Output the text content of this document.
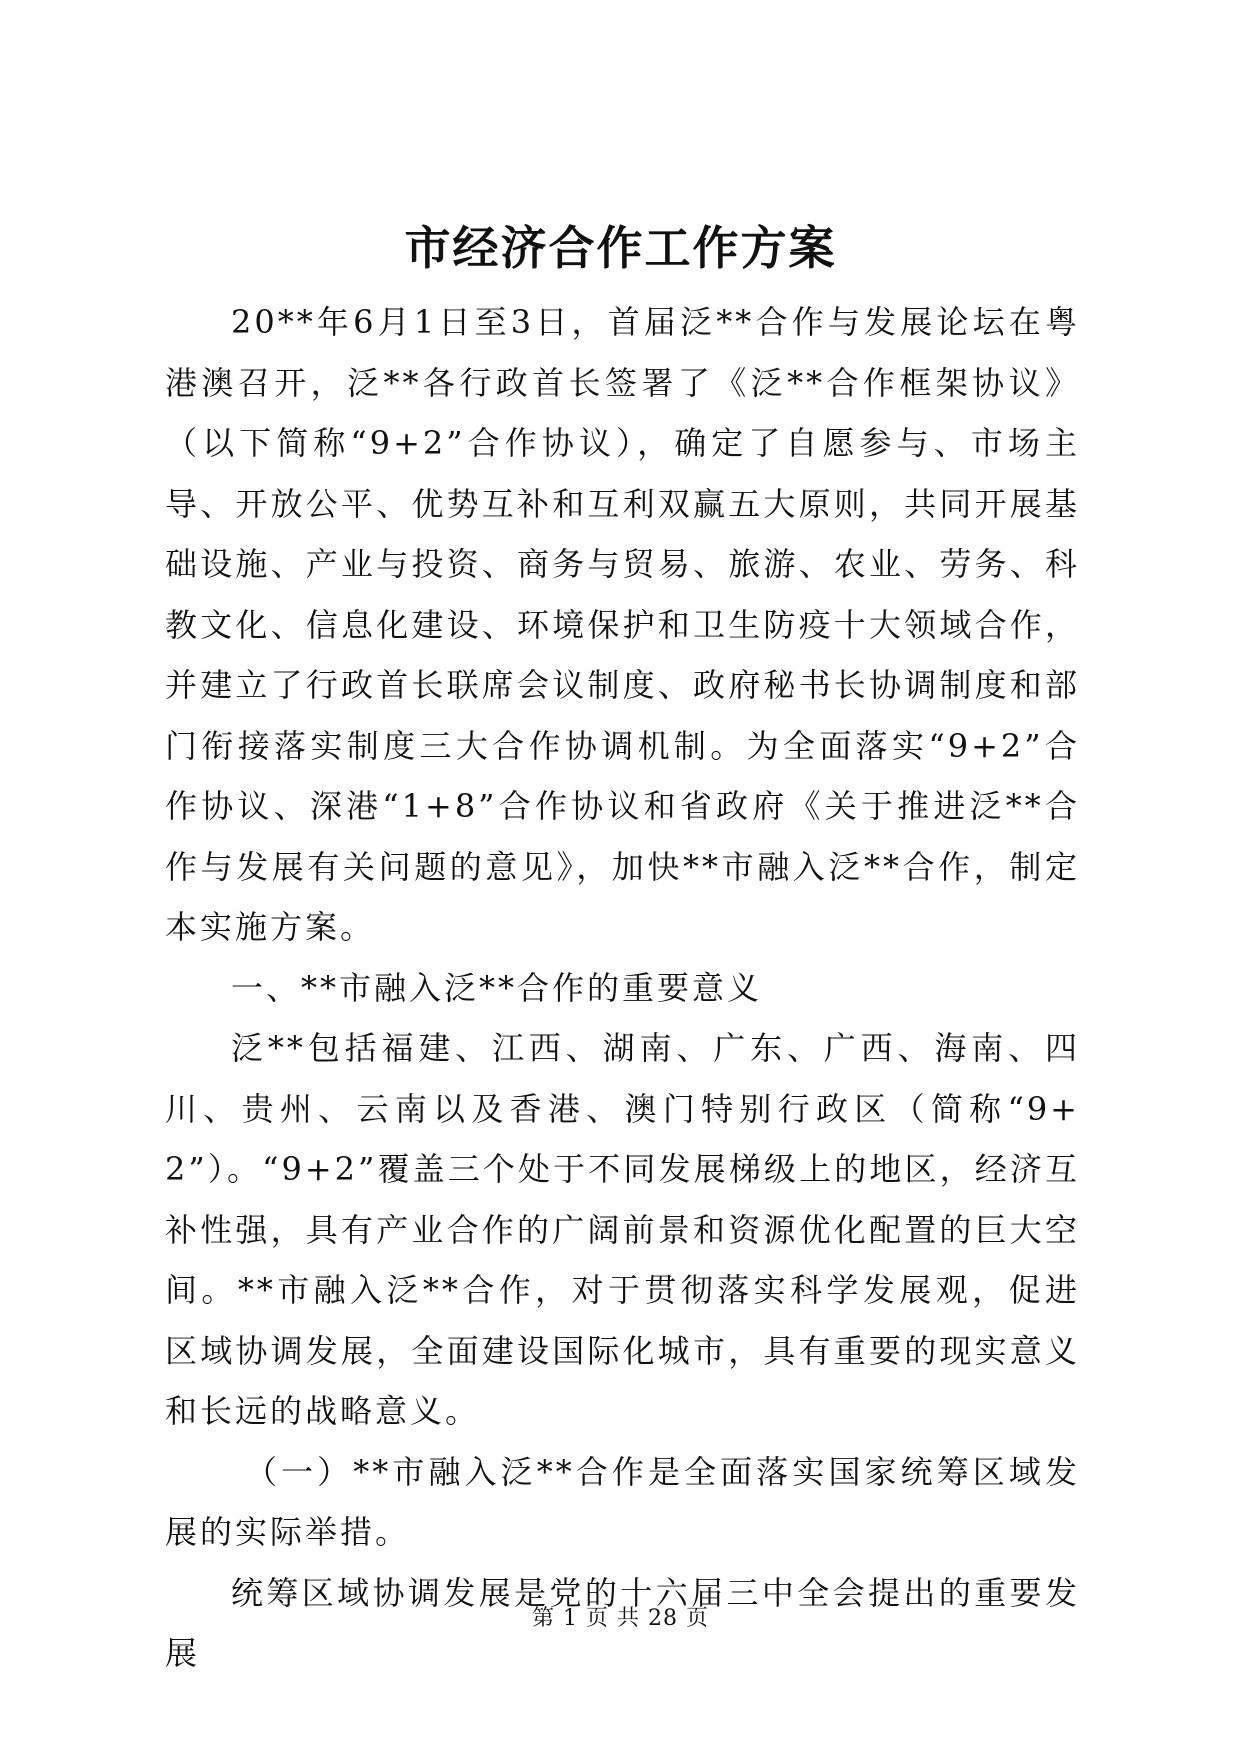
市经济合作工作方案

20**年6月1日至3日，首届泛**合作与发展论坛在粤港澳召开，泛**各行政首长签署了《泛**合作框架协议》（以下简称“9+2”合作协议），确定了自愿参与、市场主导、开放公平、优势互补和互利双赢五大原则，共同开展基础设施、产业与投资、商务与贸易、旅游、农业、劳务、科教文化、信息化建设、环境保护和卫生防疫十大领域合作，并建立了行政首长联席会议制度、政府秘书长协调制度和部门衔接落实制度三大合作协调机制。为全面落实“9+2”合作协议、深港“1+8”合作协议和省政府《关于推进泛**合作与发展有关问题的意见》，加快**市融入泛**合作，制定本实施方案。

一、**市融入泛**合作的重要意义

泛**包括福建、江西、湖南、广东、广西、海南、四川、贵州、云南以及香港、澳门特别行政区（简称“9+2”）。“9+2”覆盖三个处于不同发展梯级上的地区，经济互补性强，具有产业合作的广阔前景和资源优化配置的巨大空间。**市融入泛**合作，对于贯彻落实科学发展观，促进区域协调发展，全面建设国际化城市，具有重要的现实意义和长远的战略意义。

（一）**市融入泛**合作是全面落实国家统筹区域发展的实际举措。

统筹区域协调发展是党的十六届三中全会提出的重要发展

第 1 页 共 28 页
